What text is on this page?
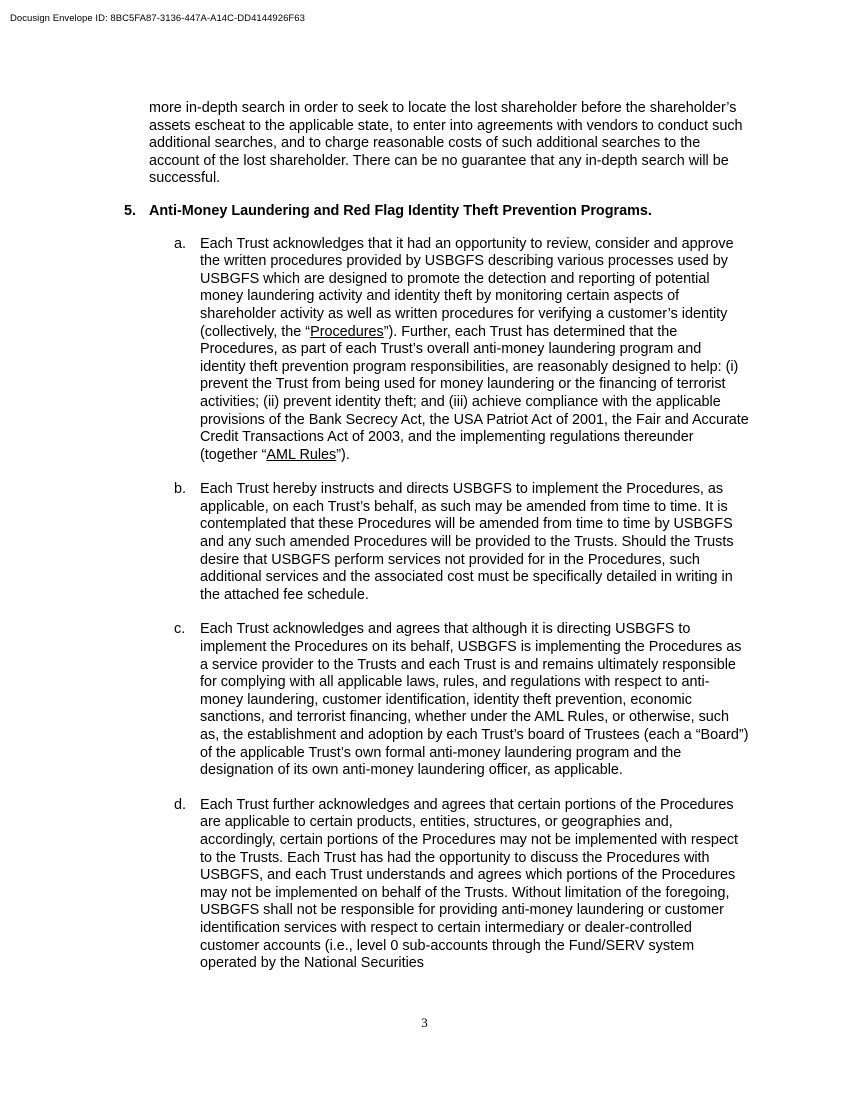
Docusign Envelope ID: 8BC5FA87-3136-447A-A14C-DD4144926F63

more in-depth search in order to seek to locate the lost shareholder before the shareholder’s assets escheat to the applicable state, to enter into agreements with vendors to conduct such additional searches, and to charge reasonable costs of such additional searches to the account of the lost shareholder. There can be no guarantee that any in-depth search will be successful.

5. Anti-Money Laundering and Red Flag Identity Theft Prevention Programs.
a. Each Trust acknowledges that it had an opportunity to review, consider and approve the written procedures provided by USBGFS describing various processes used by USBGFS which are designed to promote the detection and reporting of potential money laundering activity and identity theft by monitoring certain aspects of shareholder activity as well as written procedures for verifying a customer’s identity (collectively, the “Procedures”). Further, each Trust has determined that the Procedures, as part of each Trust’s overall anti-money laundering program and identity theft prevention program responsibilities, are reasonably designed to help: (i) prevent the Trust from being used for money laundering or the financing of terrorist activities; (ii) prevent identity theft; and (iii) achieve compliance with the applicable provisions of the Bank Secrecy Act, the USA Patriot Act of 2001, the Fair and Accurate Credit Transactions Act of 2003, and the implementing regulations thereunder (together “AML Rules”).

b. Each Trust hereby instructs and directs USBGFS to implement the Procedures, as applicable, on each Trust’s behalf, as such may be amended from time to time. It is contemplated that these Procedures will be amended from time to time by USBGFS and any such amended Procedures will be provided to the Trusts. Should the Trusts desire that USBGFS perform services not provided for in the Procedures, such additional services and the associated cost must be specifically detailed in writing in the attached fee schedule.

c. Each Trust acknowledges and agrees that although it is directing USBGFS to implement the Procedures on its behalf, USBGFS is implementing the Procedures as a service provider to the Trusts and each Trust is and remains ultimately responsible for complying with all applicable laws, rules, and regulations with respect to anti-money laundering, customer identification, identity theft prevention, economic sanctions, and terrorist financing, whether under the AML Rules, or otherwise, such as, the establishment and adoption by each Trust’s board of Trustees (each a “Board”) of the applicable Trust’s own formal anti-money laundering program and the designation of its own anti-money laundering officer, as applicable.

d. Each Trust further acknowledges and agrees that certain portions of the Procedures are applicable to certain products, entities, structures, or geographies and, accordingly, certain portions of the Procedures may not be implemented with respect to the Trusts. Each Trust has had the opportunity to discuss the Procedures with USBGFS, and each Trust understands and agrees which portions of the Procedures may not be implemented on behalf of the Trusts. Without limitation of the foregoing, USBGFS shall not be responsible for providing anti-money laundering or customer identification services with respect to certain intermediary or dealer-controlled customer accounts (i.e., level 0 sub-accounts through the Fund/SERV system operated by the National Securities

3
